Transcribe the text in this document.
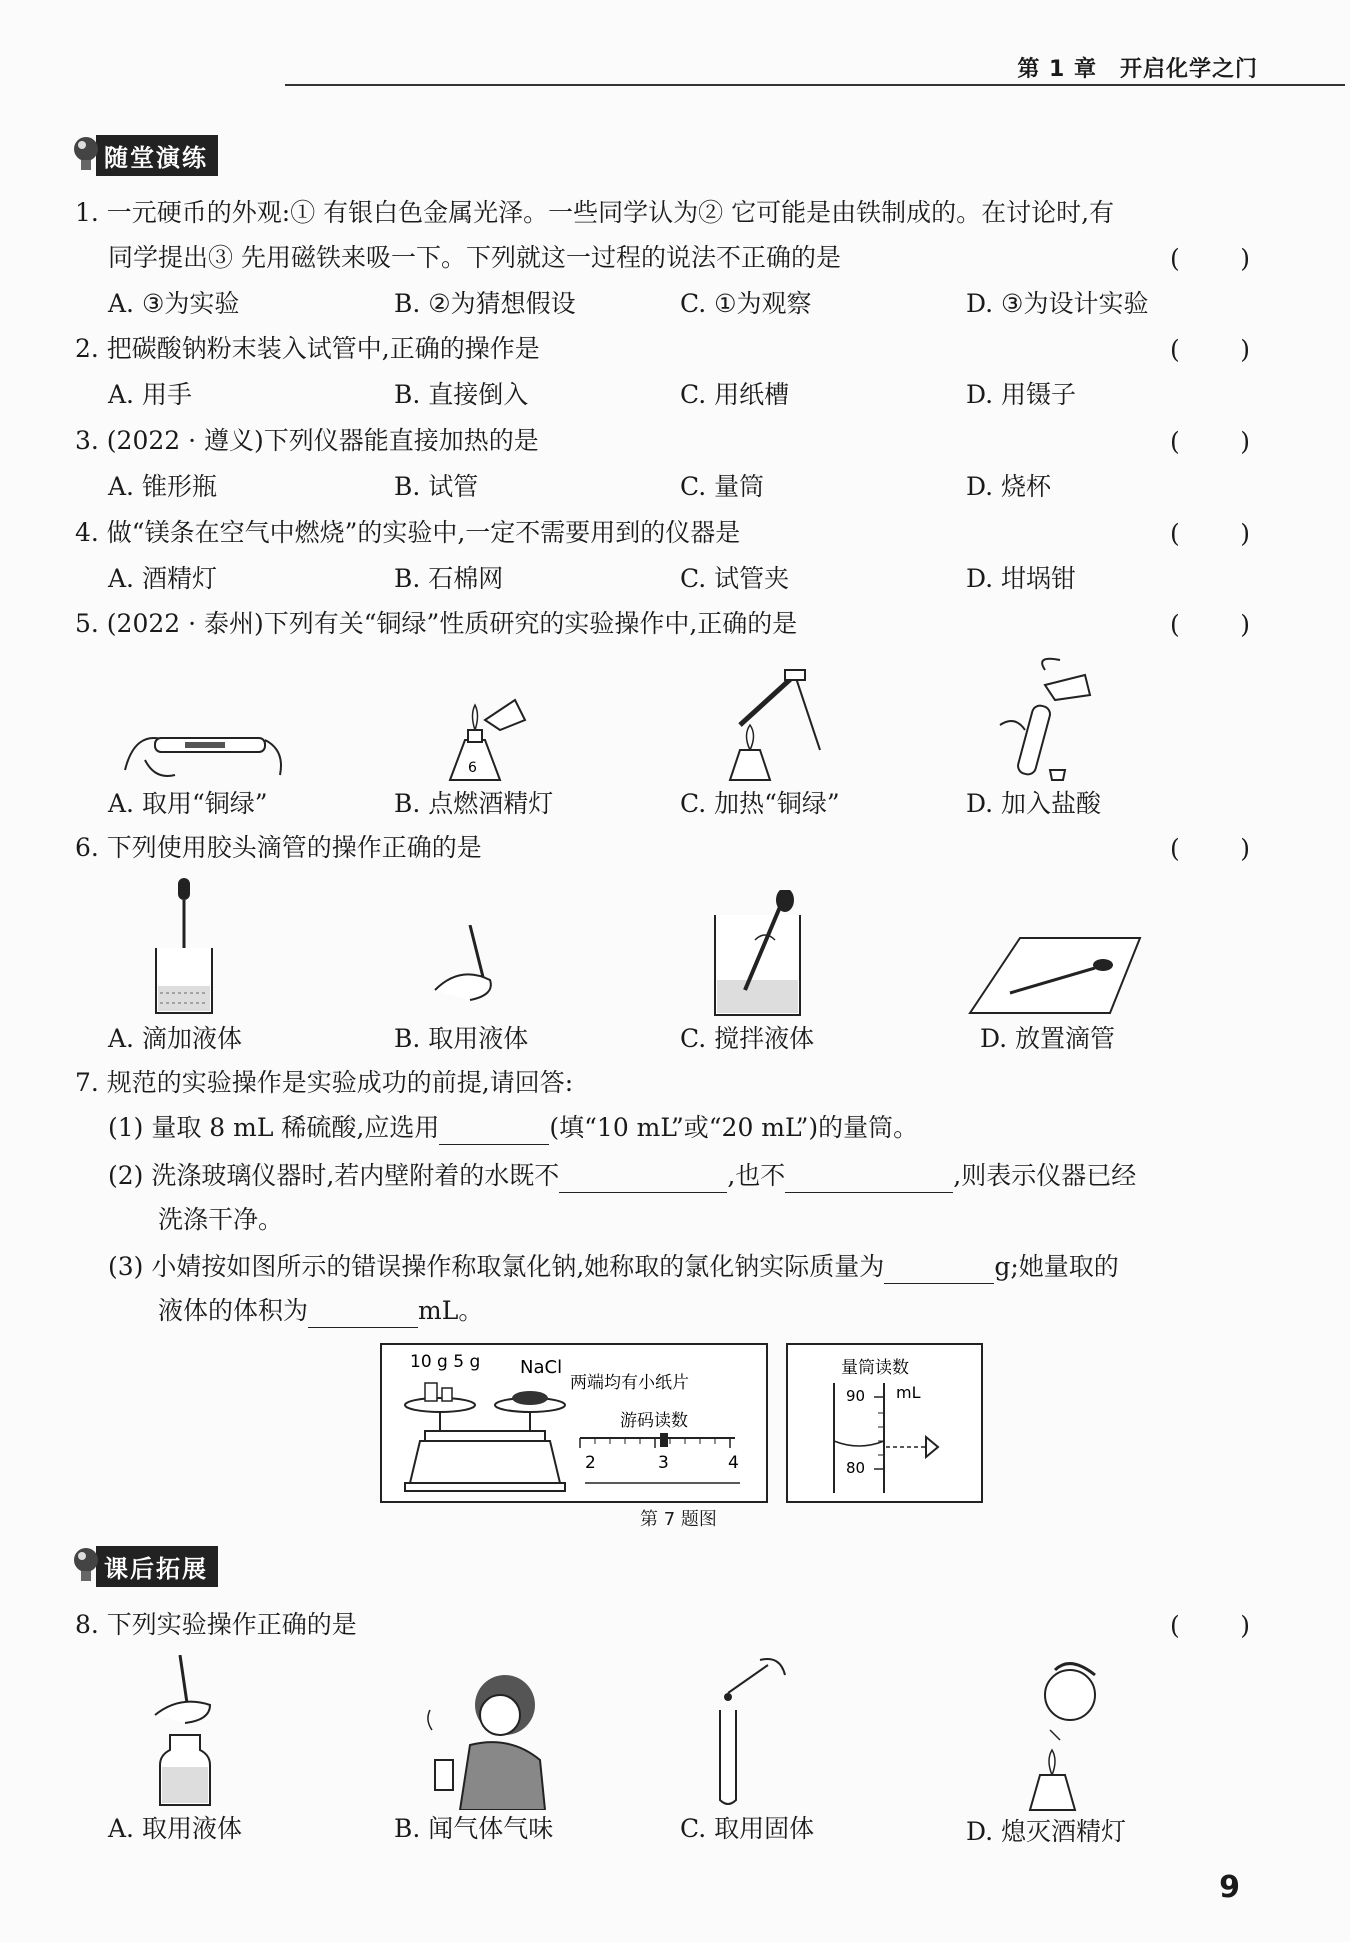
第 1 章　开启化学之门
随堂演练
1. 一元硬币的外观:① 有银白色金属光泽。一些同学认为② 它可能是由铁制成的。在讨论时,有
同学提出③ 先用磁铁来吸一下。下列就这一过程的说法不正确的是	( )
A. ③为实验	B. ②为猜想假设	C. ①为观察	D. ③为设计实验
2. 把碳酸钠粉末装入试管中,正确的操作是	( )
A. 用手	B. 直接倒入	C. 用纸槽	D. 用镊子
3. (2022 · 遵义)下列仪器能直接加热的是	( )
A. 锥形瓶	B. 试管	C. 量筒	D. 烧杯
4. 做“镁条在空气中燃烧”的实验中,一定不需要用到的仪器是	( )
A. 酒精灯	B. 石棉网	C. 试管夹	D. 坩埚钳
5. (2022 · 泰州)下列有关“铜绿”性质研究的实验操作中,正确的是	( )
6
A. 取用“铜绿”	B. 点燃酒精灯	C. 加热“铜绿”	D. 加入盐酸
6. 下列使用胶头滴管的操作正确的是	( )
A. 滴加液体	B. 取用液体	C. 搅拌液体	D. 放置滴管
7. 规范的实验操作是实验成功的前提,请回答:
(1) 量取 8 mL 稀硫酸,应选用	(填“10 mL”或“20 mL”)的量筒。
(2) 洗涤玻璃仪器时,若内壁附着的水既不	,也不	,则表示仪器已经
洗涤干净。
(3) 小婧按如图所示的错误操作称取氯化钠,她称取的氯化钠实际质量为	g;她量取的
液体的体积为	mL。
10 g 5 g NaCl
两端均有小纸片
游码读数
2	3	4
量筒读数
mL
90
80
第 7 题图
课后拓展
8. 下列实验操作正确的是	( )
A. 取用液体	B. 闻气体气味	C. 取用固体	D. 熄灭酒精灯
9
